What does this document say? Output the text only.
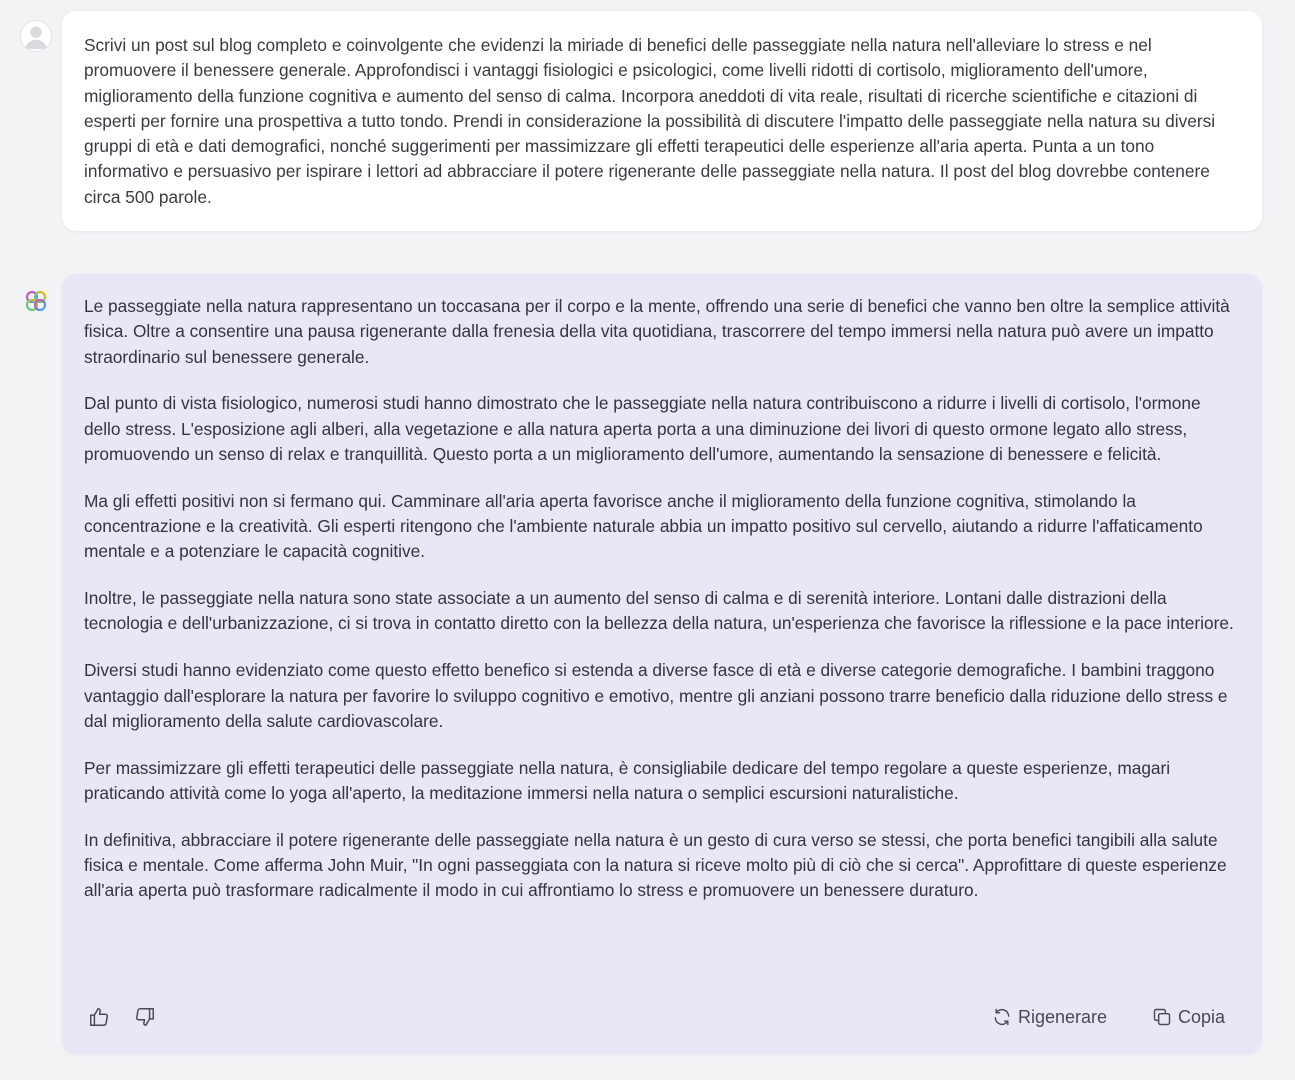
Scrivi un post sul blog completo e coinvolgente che evidenzi la miriade di benefici delle passeggiate nella natura nell'alleviare lo stress e nel promuovere il benessere generale. Approfondisci i vantaggi fisiologici e psicologici, come livelli ridotti di cortisolo, miglioramento dell'umore, miglioramento della funzione cognitiva e aumento del senso di calma. Incorpora aneddoti di vita reale, risultati di ricerche scientifiche e citazioni di esperti per fornire una prospettiva a tutto tondo. Prendi in considerazione la possibilità di discutere l'impatto delle passeggiate nella natura su diversi gruppi di età e dati demografici, nonché suggerimenti per massimizzare gli effetti terapeutici delle esperienze all'aria aperta. Punta a un tono informativo e persuasivo per ispirare i lettori ad abbracciare il potere rigenerante delle passeggiate nella natura. Il post del blog dovrebbe contenere circa 500 parole.

Le passeggiate nella natura rappresentano un toccasana per il corpo e la mente, offrendo una serie di benefici che vanno ben oltre la semplice attività fisica. Oltre a consentire una pausa rigenerante dalla frenesia della vita quotidiana, trascorrere del tempo immersi nella natura può avere un impatto straordinario sul benessere generale.

Dal punto di vista fisiologico, numerosi studi hanno dimostrato che le passeggiate nella natura contribuiscono a ridurre i livelli di cortisolo, l'ormone dello stress. L'esposizione agli alberi, alla vegetazione e alla natura aperta porta a una diminuzione dei livori di questo ormone legato allo stress, promuovendo un senso di relax e tranquillità. Questo porta a un miglioramento dell'umore, aumentando la sensazione di benessere e felicità.

Ma gli effetti positivi non si fermano qui. Camminare all'aria aperta favorisce anche il miglioramento della funzione cognitiva, stimolando la concentrazione e la creatività. Gli esperti ritengono che l'ambiente naturale abbia un impatto positivo sul cervello, aiutando a ridurre l'affaticamento mentale e a potenziare le capacità cognitive.

Inoltre, le passeggiate nella natura sono state associate a un aumento del senso di calma e di serenità interiore. Lontani dalle distrazioni della tecnologia e dell'urbanizzazione, ci si trova in contatto diretto con la bellezza della natura, un'esperienza che favorisce la riflessione e la pace interiore.

Diversi studi hanno evidenziato come questo effetto benefico si estenda a diverse fasce di età e diverse categorie demografiche. I bambini traggono vantaggio dall'esplorare la natura per favorire lo sviluppo cognitivo e emotivo, mentre gli anziani possono trarre beneficio dalla riduzione dello stress e dal miglioramento della salute cardiovascolare.

Per massimizzare gli effetti terapeutici delle passeggiate nella natura, è consigliabile dedicare del tempo regolare a queste esperienze, magari praticando attività come lo yoga all'aperto, la meditazione immersi nella natura o semplici escursioni naturalistiche.

In definitiva, abbracciare il potere rigenerante delle passeggiate nella natura è un gesto di cura verso se stessi, che porta benefici tangibili alla salute fisica e mentale. Come afferma John Muir, "In ogni passeggiata con la natura si riceve molto più di ciò che si cerca". Approfittare di queste esperienze all'aria aperta può trasformare radicalmente il modo in cui affrontiamo lo stress e promuovere un benessere duraturo.

Rigenerare	Copia
